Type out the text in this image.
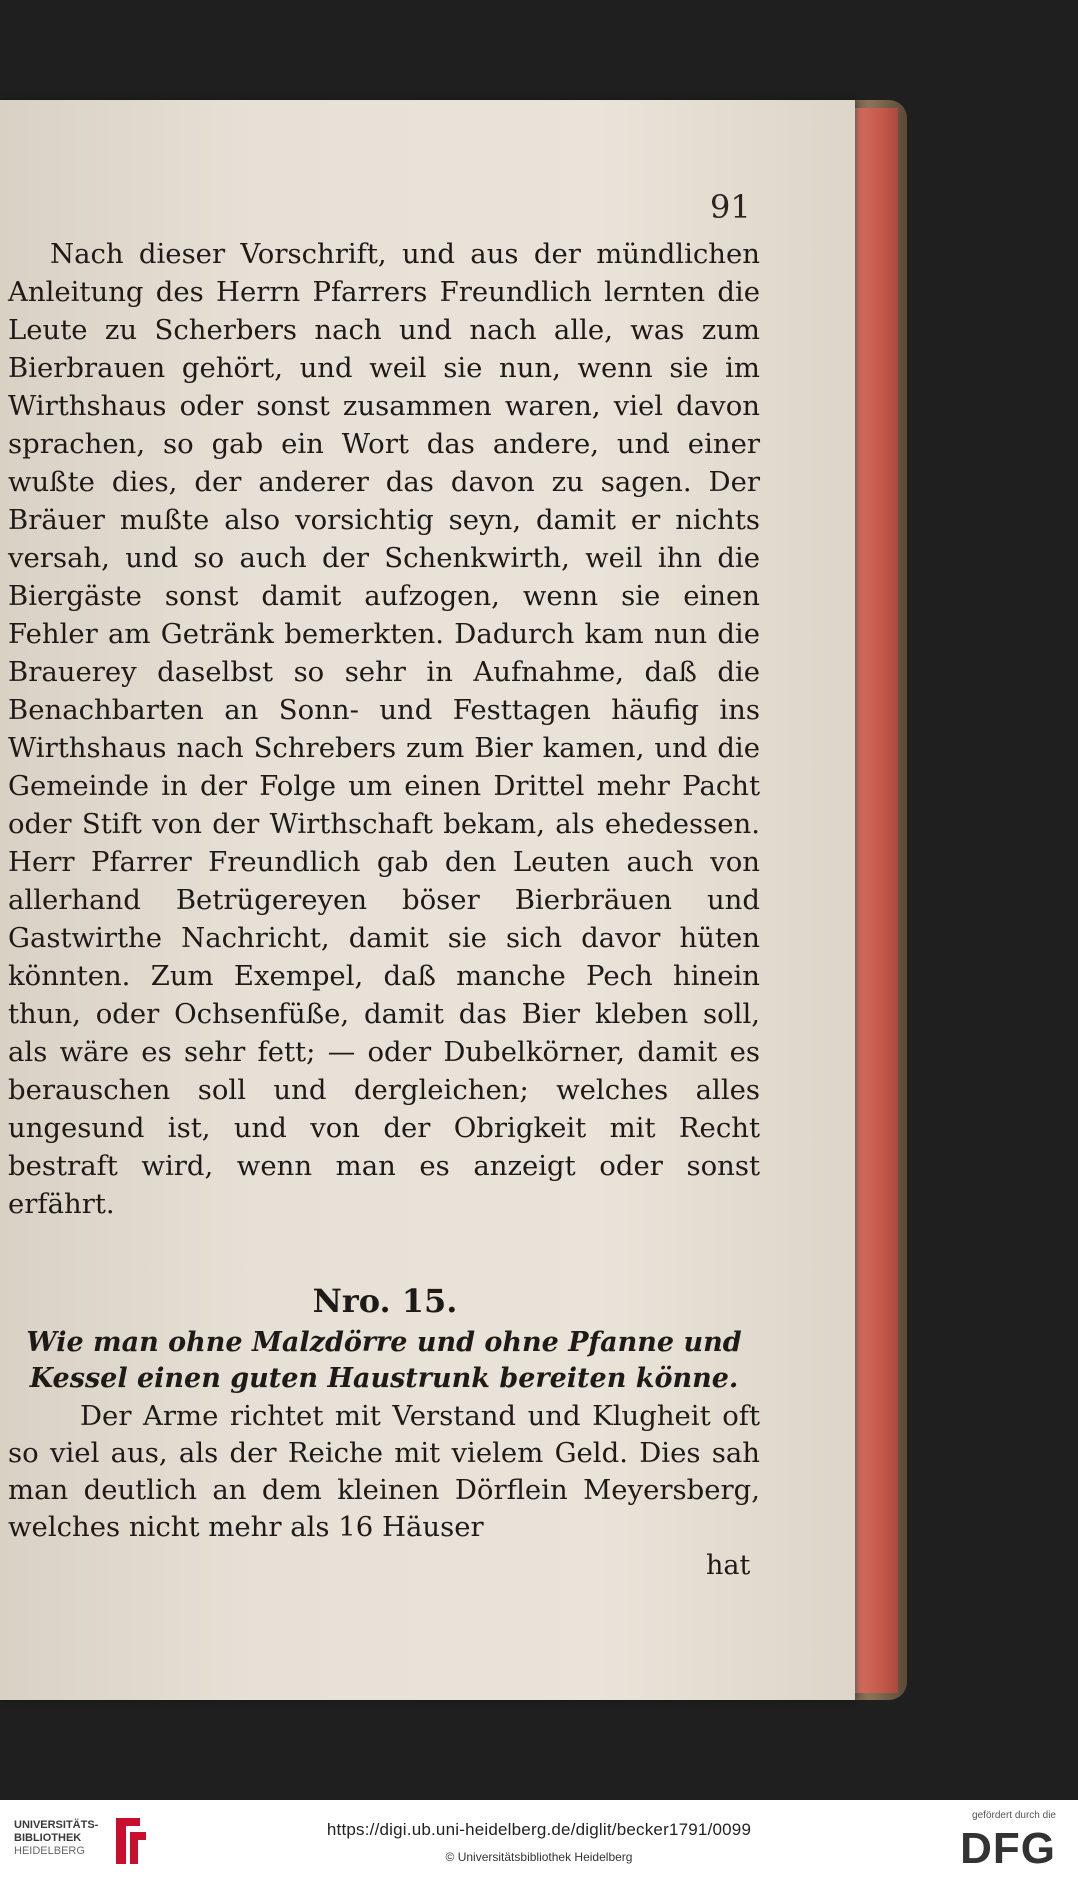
91

Nach dieser Vorschrift, und aus der mündlichen Anleitung des Herrn Pfarrers Freundlich lernten die Leute zu Scherbers nach und nach alle, was zum Bierbrauen gehört, und weil sie nun, wenn sie im Wirthshaus oder sonst zusammen waren, viel davon sprachen, so gab ein Wort das andere, und einer wußte dies, der anderer das davon zu sagen. Der Bräuer mußte also vorsichtig seyn, damit er nichts versah, und so auch der Schenkwirth, weil ihn die Biergäste sonst damit aufzogen, wenn sie einen Fehler am Getränk bemerkten. Dadurch kam nun die Brauerey daselbst so sehr in Aufnahme, daß die Benachbarten an Sonn- und Festtagen häufig ins Wirthshaus nach Schrebers zum Bier kamen, und die Gemeinde in der Folge um einen Drittel mehr Pacht oder Stift von der Wirthschaft bekam, als ehedessen. Herr Pfarrer Freundlich gab den Leuten auch von allerhand Betrügereyen böser Bierbräuen und Gastwirthe Nachricht, damit sie sich davor hüten könnten. Zum Exempel, daß manche Pech hinein thun, oder Ochsenfüße, damit das Bier kleben soll, als wäre es sehr fett; — oder Dubelkörner, damit es berauschen soll und dergleichen; welches alles ungesund ist, und von der Obrigkeit mit Recht bestraft wird, wenn man es anzeigt oder sonst erfährt.

Nro. 15.
Wie man ohne Malzdörre und ohne Pfanne und
Kessel einen guten Haustrunk bereiten könne.

Der Arme richtet mit Verstand und Klugheit oft so viel aus, als der Reiche mit vielem Geld. Dies sah man deutlich an dem kleinen Dörflein Meyersberg, welches nicht mehr als 16 Häuser

hat
UNIVERSITÄTS-
BIBLIOTHEK
HEIDELBERG
https://digi.ub.uni-heidelberg.de/diglit/becker1791/0099
© Universitätsbibliothek Heidelberg
gefördert durch die
DFG
